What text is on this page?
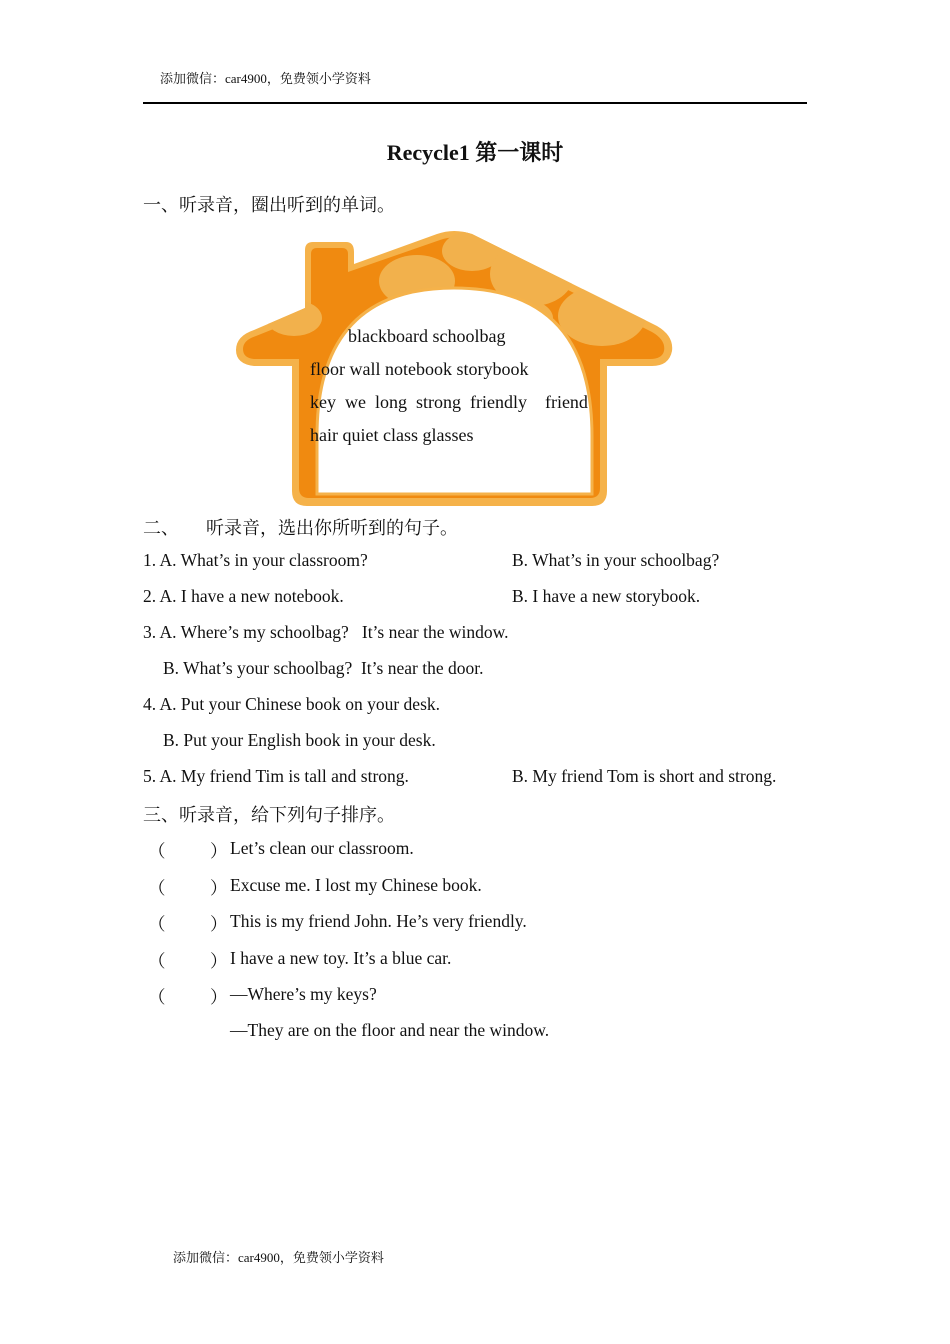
添加微信：car4900，免费领小学资料
Recycle1 第一课时
一、听录音，圈出听到的单词。
blackboard schoolbag
floor wall notebook storybook
key  we  long  strong  friendly    friend
hair quiet class glasses
二、      听录音，选出你所听到的句子。
1. A. What’s in your classroom?	B. What’s in your schoolbag?
2. A. I have a new notebook.	B. I have a new storybook.
3. A. Where’s my schoolbag?   It’s near the window.
B. What’s your schoolbag?  It’s near the door.
4. A. Put your Chinese book on your desk.
B. Put your English book in your desk.
5. A. My friend Tim is tall and strong.	B. My friend Tom is short and strong.
三、听录音，给下列句子排序。
（	） Let’s clean our classroom.
（	） Excuse me. I lost my Chinese book.
（	） This is my friend John. He’s very friendly.
（	） I have a new toy. It’s a blue car.
（	） —Where’s my keys?
—They are on the floor and near the window.
添加微信：car4900，免费领小学资料
